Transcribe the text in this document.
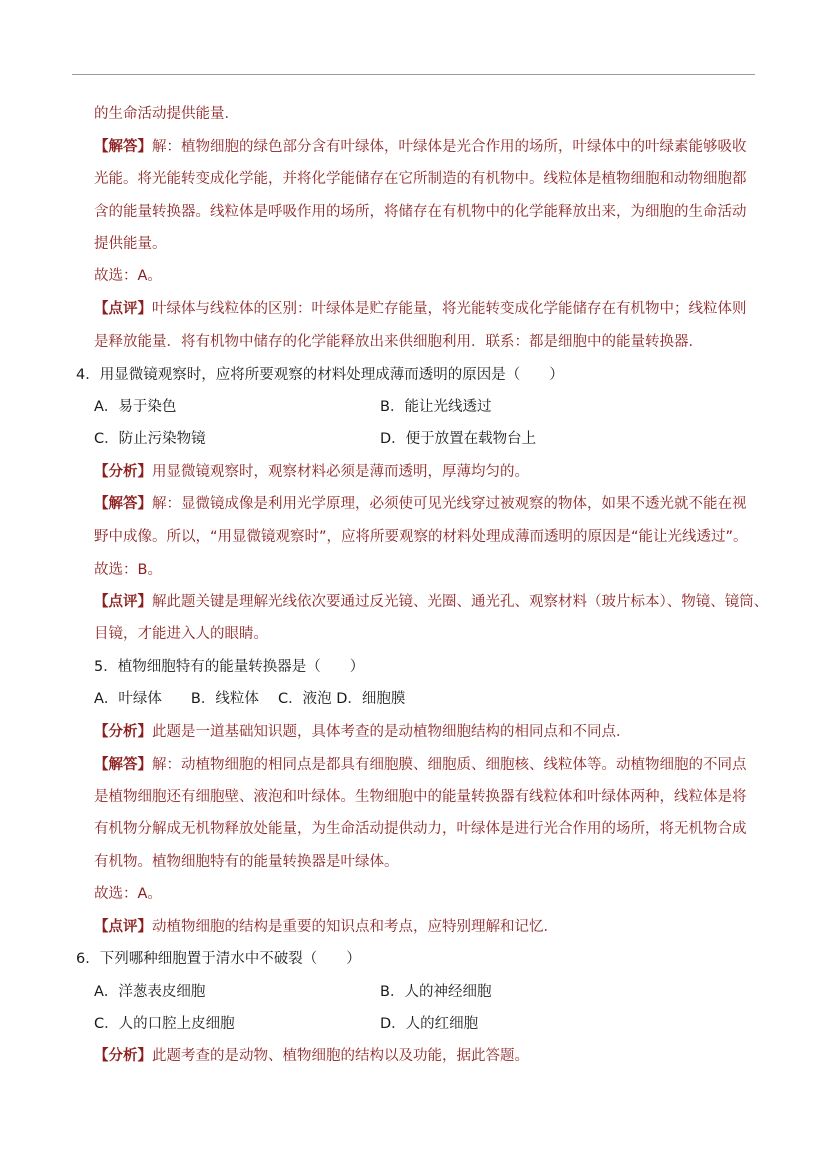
的生命活动提供能量．
【解答】解：植物细胞的绿色部分含有叶绿体，叶绿体是光合作用的场所，叶绿体中的叶绿素能够吸收
光能。将光能转变成化学能，并将化学能储存在它所制造的有机物中。线粒体是植物细胞和动物细胞都
含的能量转换器。线粒体是呼吸作用的场所，将储存在有机物中的化学能释放出来，为细胞的生命活动
提供能量。
故选：A。
【点评】叶绿体与线粒体的区别：叶绿体是贮存能量，将光能转变成化学能储存在有机物中；线粒体则
是释放能量．将有机物中储存的化学能释放出来供细胞利用．联系：都是细胞中的能量转换器．
4．用显微镜观察时，应将所要观察的材料处理成薄而透明的原因是（　　）
A．易于染色	B．能让光线透过
C．防止污染物镜	D．便于放置在载物台上
【分析】用显微镜观察时，观察材料必须是薄而透明，厚薄均匀的。
【解答】解：显微镜成像是利用光学原理，必须使可见光线穿过被观察的物体，如果不透光就不能在视
野中成像。所以，“用显微镜观察时”，应将所要观察的材料处理成薄而透明的原因是“能让光线透过”。
故选：B。
【点评】解此题关键是理解光线依次要通过反光镜、光圈、通光孔、观察材料（玻片标本）、物镜、镜筒、
目镜，才能进入人的眼睛。
5．植物细胞特有的能量转换器是（　　）
A．叶绿体　　B．线粒体　 C．液泡 D．细胞膜
【分析】此题是一道基础知识题，具体考查的是动植物细胞结构的相同点和不同点．
【解答】解：动植物细胞的相同点是都具有细胞膜、细胞质、细胞核、线粒体等。动植物细胞的不同点
是植物细胞还有细胞壁、液泡和叶绿体。生物细胞中的能量转换器有线粒体和叶绿体两种，线粒体是将
有机物分解成无机物释放处能量，为生命活动提供动力，叶绿体是进行光合作用的场所，将无机物合成
有机物。植物细胞特有的能量转换器是叶绿体。
故选：A。
【点评】动植物细胞的结构是重要的知识点和考点，应特别理解和记忆．
6．下列哪种细胞置于清水中不破裂（　　）
A．洋葱表皮细胞	B．人的神经细胞
C．人的口腔上皮细胞	D．人的红细胞
【分析】此题考查的是动物、植物细胞的结构以及功能，据此答题。
